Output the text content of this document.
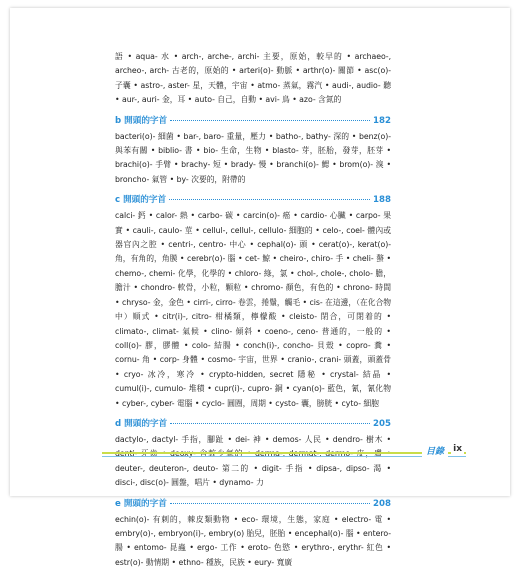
語 • aqua- 水 • arch-, arche-, archi- 主要，原始，較早的 • archaeo-, archeo-, arch- 古老的，原始的 • arteri(o)- 動脈 • arthr(o)- 關節 • asc(o)- 子囊 • astro-, aster- 星，天體，宇宙 • atmo- 蒸氣，霧汽 • audi-, audio- 聽 • aur-, auri- 金，耳 • auto- 自己，自動 • avi- 鳥 • azo- 含氮的

b 開頭的字首	182

bacteri(o)- 細菌 • bar-, baro- 重量，壓力 • batho-, bathy- 深的 • benz(o)- 與苯有關 • biblio- 書 • bio- 生命，生物 • blasto- 芽，胚胎，發芽，胚芽 • brachi(o)- 手臂 • brachy- 短 • brady- 慢 • branchi(o)- 鰓 • brom(o)- 溴 • broncho- 氣管 • by- 次要的，附帶的

c 開頭的字首	188

calci- 鈣 • calor- 熱 • carbo- 碳 • carcin(o)- 癌 • cardio- 心臟 • carpo- 果實 • cauli-, caulo- 莖 • cellul-, cellul-, cellulo- 細胞的 • celo-, coel- 體內或器官內之腔 • centri-, centro- 中心 • cephal(o)- 頭 • cerat(o)-, kerat(o)- 角，有角的，角膜 • cerebr(o)- 腦 • cet- 鯨 • cheiro-, chiro- 手 • cheli- 螯 • chemo-, chemi- 化學，化學的 • chloro- 綠，氯 • chol-, chole-, cholo- 膽，膽汁 • chondro- 軟骨，小粒，顆粒 • chromo- 顏色，有色的 • chrono- 時間 • chryso- 金，金色 • cirri-, cirro- 卷雲，捲鬚，觸毛 • cis- 在這邊，（在化合物中）順式 • citr(i)-, citro- 柑橘類，檸檬酸 • cleisto- 閉合，可閉着的 • climato-, climat- 氣候 • clino- 傾斜 • coeno-, ceno- 普通的，一般的 • coll(o)- 膠，膠體 • colo- 結腸 • conch(i)-, concho- 貝殼 • copro- 糞 • cornu- 角 • corp- 身體 • cosmo- 宇宙，世界 • cranio-, crani- 頭蓋，頭蓋骨 • cryo- 冰冷，寒冷 • crypto-hidden, secret 隱秘 • crystal- 結晶 • cumul(i)-, cumulo- 堆積 • cupr(i)-, cupro- 銅 • cyan(o)- 藍色，氰，氰化物 • cyber-, cyber- 電腦 • cyclo- 圓圈，周期 • cysto- 囊，膀胱 • cyto- 細胞

d 開頭的字首	205

dactylo-, dactyl- 手指，腳趾 • dei- 神 • demos- 人民 • dendro- 樹木 • deuter-, deuteron-, deuto- 第二的 • digit- 手指 • dipsa-, dipso- 渴 • disci-, disc(o)- 圓盤，唱片 • dynamo- 力

e 開頭的字首	208

echin(o)- 有刺的，棘皮類動物 • eco- 環境，生態，家庭 • electro- 電 • embry(o)-, embryon(i)-, embry(o) 胎兒，胚胎 • encephal(o)- 腦 • entero- 腸 • entomo- 昆蟲 • ergo- 工作 • eroto- 色慾 • erythro-, erythr- 紅色 • estr(o)- 動情期 • ethno- 種族，民族 • eury- 寬廣

目錄	ix
